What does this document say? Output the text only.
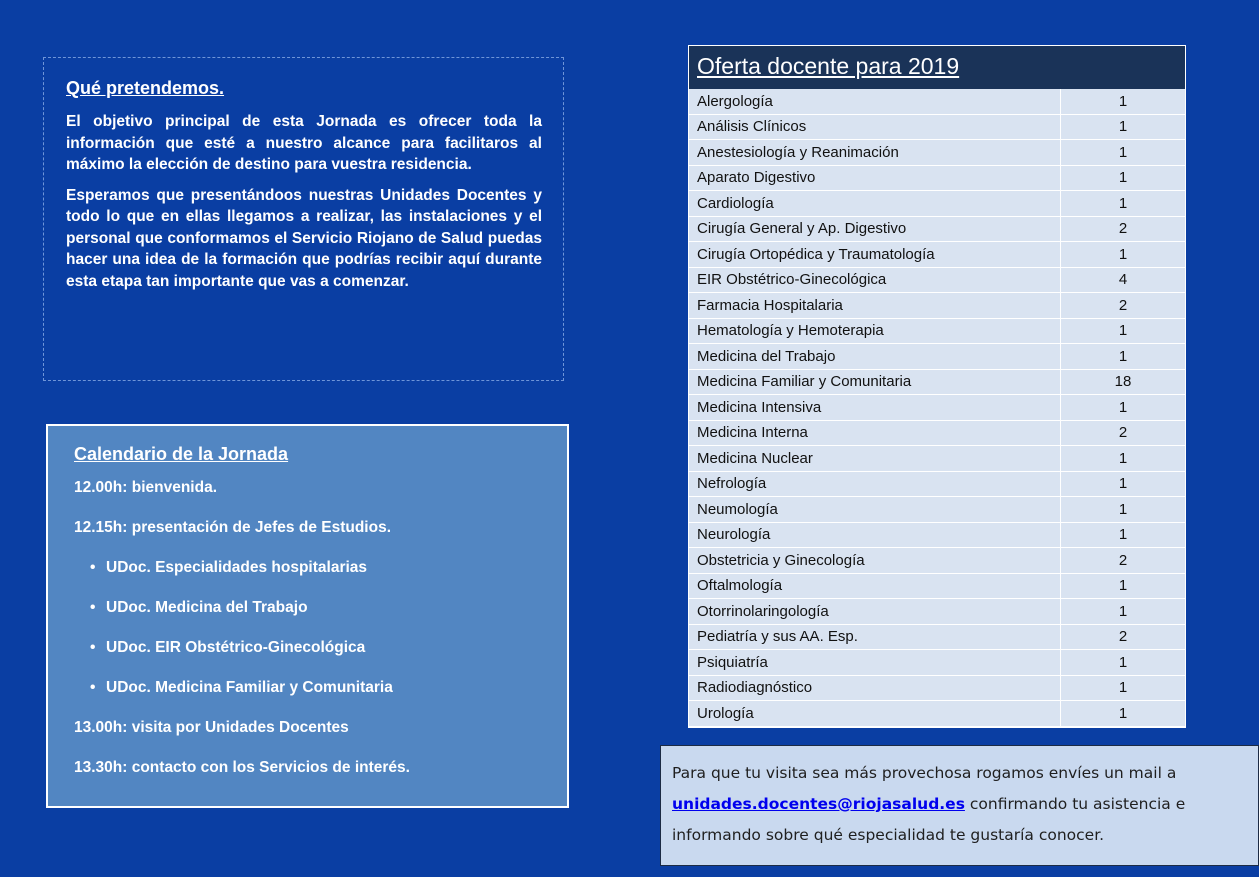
Qué pretendemos.

El objetivo principal de esta Jornada es ofrecer toda la información que esté a nuestro alcance para facilitaros al máximo la elección de destino para vuestra residencia.

Esperamos que presentándoos nuestras Unidades Docentes y todo lo que en ellas llegamos a realizar, las instalaciones y el personal que conformamos el Servicio Riojano de Salud puedas hacer una idea de la formación que podrías recibir aquí durante esta etapa tan importante que vas a comenzar.

Calendario de la Jornada
12.00h: bienvenida.
12.15h: presentación de Jefes de Estudios.
• UDoc. Especialidades hospitalarias
• UDoc. Medicina del Trabajo
• UDoc. EIR Obstétrico-Ginecológica
• UDoc. Medicina Familiar y Comunitaria
13.00h: visita por Unidades Docentes
13.30h: contacto con los Servicios de interés.
Oferta docente para 2019
Alergología	1
Análisis Clínicos	1
Anestesiología y Reanimación	1
Aparato Digestivo	1
Cardiología	1
Cirugía General y Ap. Digestivo	2
Cirugía Ortopédica y Traumatología	1
EIR Obstétrico-Ginecológica	4
Farmacia Hospitalaria	2
Hematología y Hemoterapia	1
Medicina del Trabajo	1
Medicina Familiar y Comunitaria	18
Medicina Intensiva	1
Medicina Interna	2
Medicina Nuclear	1
Nefrología	1
Neumología	1
Neurología	1
Obstetricia y Ginecología	2
Oftalmología	1
Otorrinolaringología	1
Pediatría y sus AA. Esp.	2
Psiquiatría	1
Radiodiagnóstico	1
Urología	1
Para que tu visita sea más provechosa rogamos envíes un mail a
unidades.docentes@riojasalud.es confirmando tu asistencia e informando sobre qué especialidad te gustaría conocer.
